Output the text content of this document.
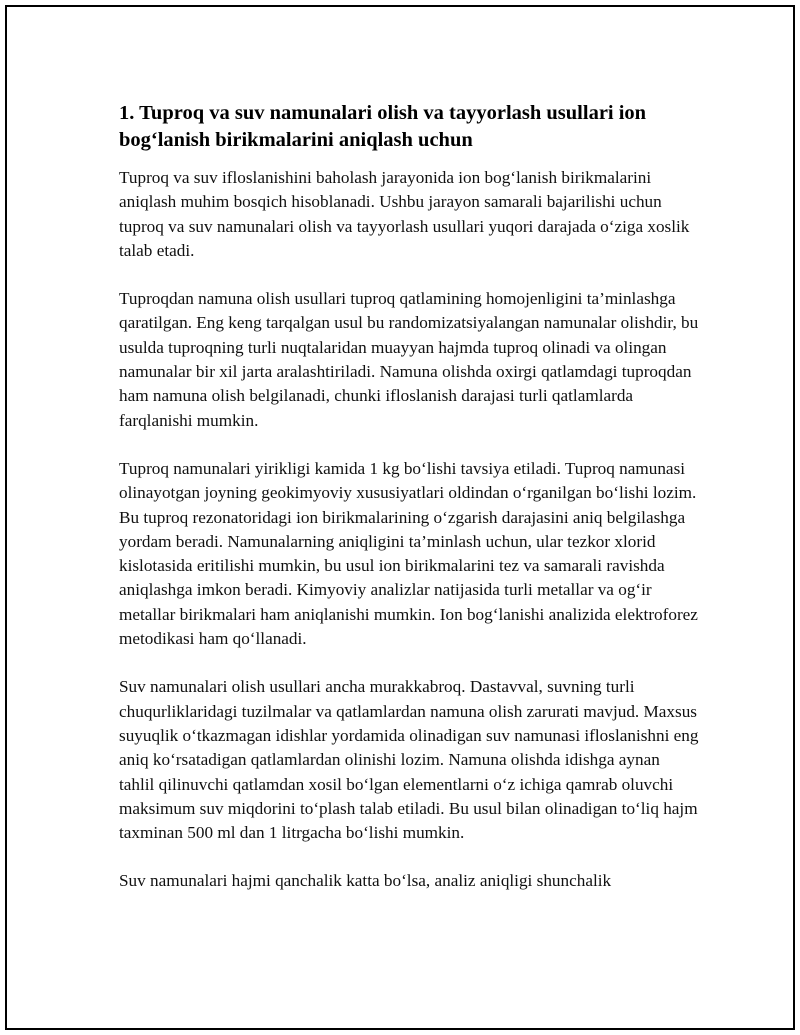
1. Tuproq va suv namunalari olish va tayyorlash usullari ion bog‘lanish birikmalarini aniqlash uchun

Tuproq va suv ifloslanishini baholash jarayonida ion bog‘lanish birikmalarini aniqlash muhim bosqich hisoblanadi. Ushbu jarayon samarali bajarilishi uchun tuproq va suv namunalari olish va tayyorlash usullari yuqori darajada o‘ziga xoslik talab etadi.

Tuproqdan namuna olish usullari tuproq qatlamining homojenligini ta’minlashga qaratilgan. Eng keng tarqalgan usul bu randomizatsiyalangan namunalar olishdir, bu usulda tuproqning turli nuqtalaridan muayyan hajmda tuproq olinadi va olingan namunalar bir xil jarta aralashtiriladi. Namuna olishda oxirgi qatlamdagi tuproqdan ham namuna olish belgilanadi, chunki ifloslanish darajasi turli qatlamlarda farqlanishi mumkin.

Tuproq namunalari yirikligi kamida 1 kg bo‘lishi tavsiya etiladi. Tuproq namunasi olinayotgan joyning geokimyoviy xususiyatlari oldindan o‘rganilgan bo‘lishi lozim. Bu tuproq rezonatoridagi ion birikmalarining o‘zgarish darajasini aniq belgilashga yordam beradi. Namunalarning aniqligini ta’minlash uchun, ular tezkor xlorid kislotasida eritilishi mumkin, bu usul ion birikmalarini tez va samarali ravishda aniqlashga imkon beradi. Kimyoviy analizlar natijasida turli metallar va og‘ir metallar birikmalari ham aniqlanishi mumkin. Ion bog‘lanishi analizida elektroforez metodikasi ham qo‘llanadi.

Suv namunalari olish usullari ancha murakkabroq. Dastavval, suvning turli chuqurliklaridagi tuzilmalar va qatlamlardan namuna olish zarurati mavjud. Maxsus suyuqlik o‘tkazmagan idishlar yordamida olinadigan suv namunasi ifloslanishni eng aniq ko‘rsatadigan qatlamlardan olinishi lozim. Namuna olishda idishga aynan tahlil qilinuvchi qatlamdan xosil bo‘lgan elementlarni o‘z ichiga qamrab oluvchi maksimum suv miqdorini to‘plash talab etiladi. Bu usul bilan olinadigan to‘liq hajm taxminan 500 ml dan 1 litrgacha bo‘lishi mumkin.

Suv namunalari hajmi qanchalik katta bo‘lsa, analiz aniqligi shunchalik
